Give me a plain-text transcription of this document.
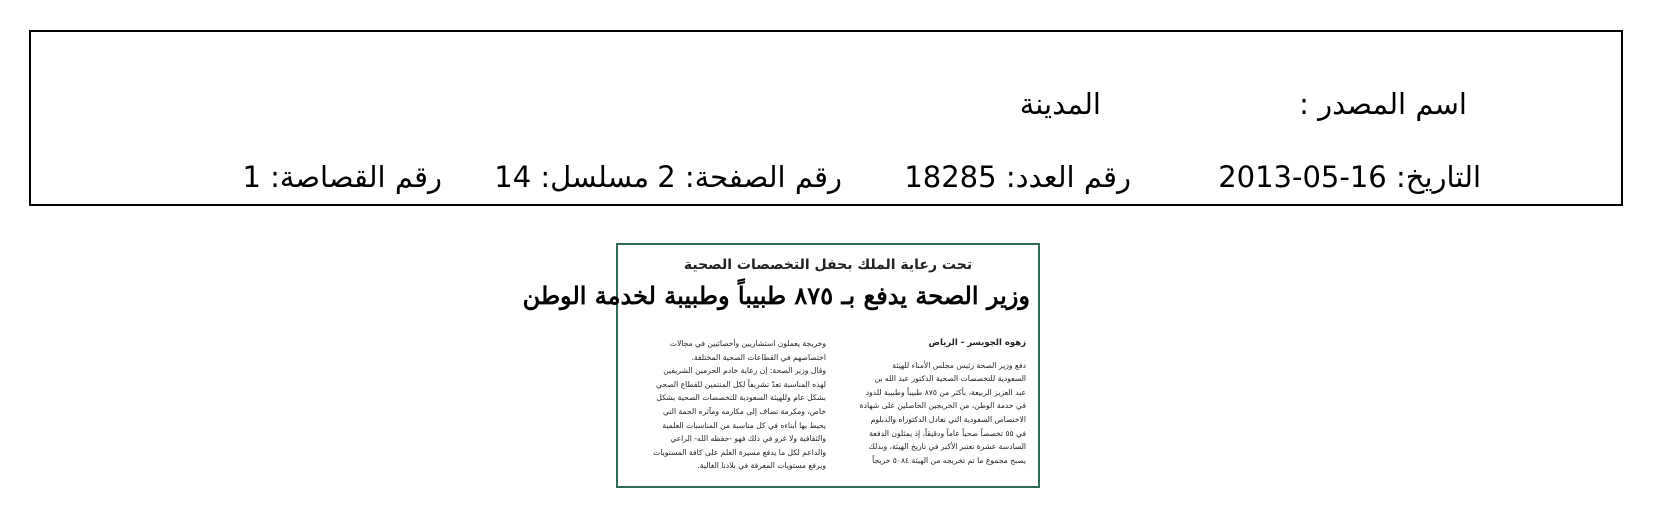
اسم المصدر :
المدينة
التاريخ: 2013-05-16
رقم العدد: 18285
رقم الصفحة: 2
مسلسل: 14
رقم القصاصة: 1
تحت رعاية الملك بحفل التخصصات الصحية
وزير الصحة يدفع بـ ٨٧٥ طبيباً وطبيبة لخدمة الوطن
زهوه الجويسر - الرياض
دفع وزير الصحة رئيس مجلس الأمناء للهيئة
السعودية للتخصصات الصحية الدكتور عبد الله بن
عبد العزيز الربيعة، بأكثر من ٨٧٥ طبيباً وطبيبة للذود
في خدمة الوطن، من الخريجين الحاصلين على شهادة
الاختصاص السعودية التي تعادل الدكتوراه والدبلوم
في ٥٥ تخصصاً صحياً عاماً ودقيقاً، إذ يمثلون الدفعة
السادسة عشرة تعتبر الأكبر في تاريخ الهيئة، وبذلك
يصبح مجموع ما تم تخريجه من الهيئة ٥٠٨٤ خريجاً
وخريجة يعملون استشاريين وأخصائيين في مجالات
اختصاصهم في القطاعات الصحية المختلفة.
وقال وزير الصحة: إن رعاية خادم الحرمين الشريفين
لهذه المناسبة تعدّ تشريفاً لكل المنتمين للقطاع الصحي
بشكل عام وللهيئة السعودية للتخصصات الصحية بشكل
خاص، ومكرمة تضاف إلى مكارمه ومآثره الجمة التي
يحيط بها أبناءه في كل مناسبة من المناسبات العلمية
والثقافية ولا غرو في ذلك فهو -حفظه الله- الراعي
والداعم لكل ما يدفع مسيرة العلم على كافة المستويات
ويرفع مستويات المعرفة في بلادنا الغالية.
